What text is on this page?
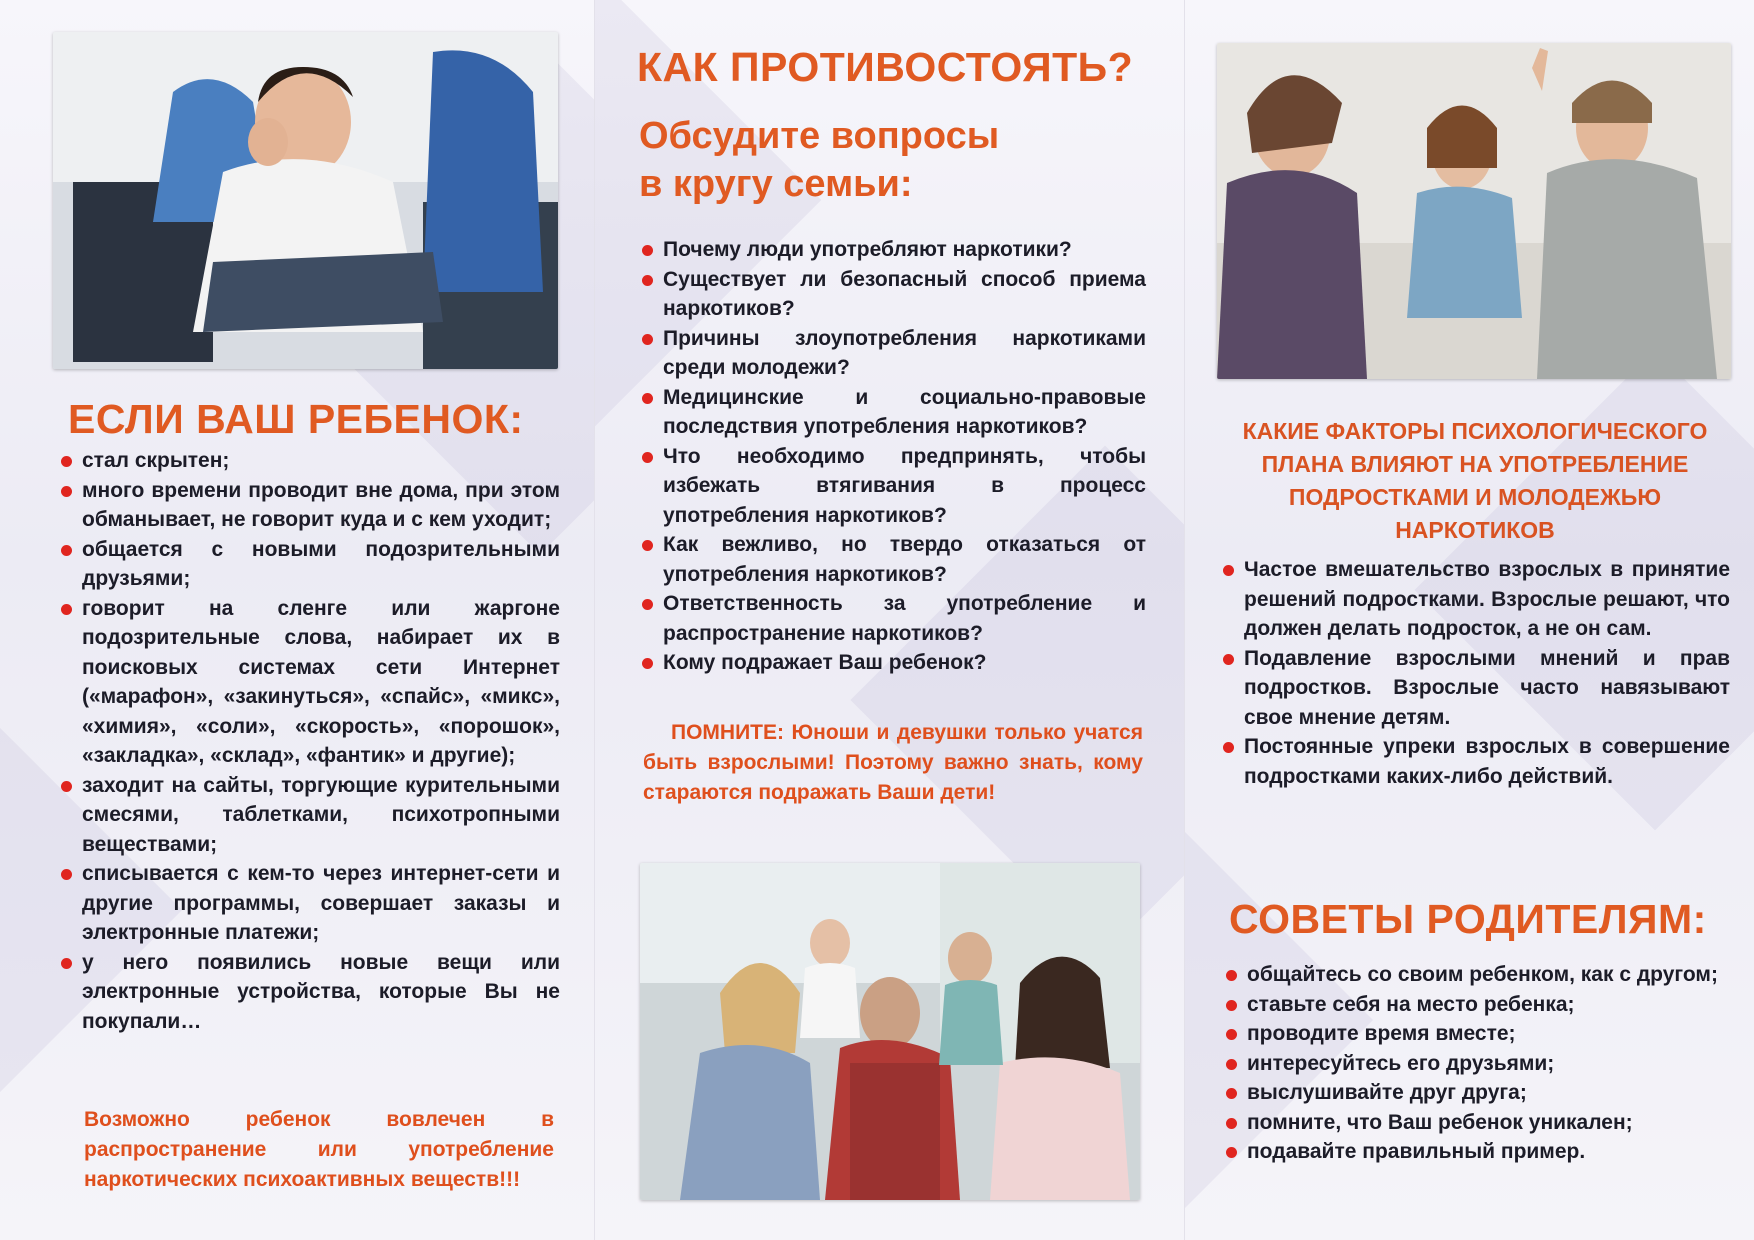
ЕСЛИ ВАШ РЕБЕНОК:
стал скрытен;
много времени проводит вне дома, при этом обманывает, не говорит куда и с кем уходит;
общается с новыми подозрительными друзьями;
говорит на сленге или жаргоне подозрительные слова, набирает их в поисковых системах сети Интернет («марафон», «закинуться», «спайс», «микс», «химия», «соли», «скорость», «порошок», «закладка», «склад», «фантик» и другие);
заходит на сайты, торгующие курительными смесями, таблетками, психотропными веществами;
списывается с кем-то через интернет-сети и другие программы, совершает заказы и электронные платежи;
у него появились новые вещи или электронные устройства, которые Вы не покупали…

Возможно ребенок вовлечен в распространение или употребление наркотических психоактивных веществ!!!

КАК ПРОТИВОСТОЯТЬ?
Обсудите вопросы
в кругу семьи:
Почему люди употребляют наркотики?
Существует ли безопасный способ приема наркотиков?
Причины злоупотребления наркотиками среди молодежи?
Медицинские и социально-правовые последствия употребления наркотиков?
Что необходимо предпринять, чтобы избежать втягивания в процесс употребления наркотиков?
Как вежливо, но твердо отказаться от употребления наркотиков?
Ответственность за употребление и распространение наркотиков?
Кому подражает Ваш ребенок?

ПОМНИТЕ: Юноши и девушки только учатся быть взрослыми! Поэтому важно знать, кому стараются подражать Ваши дети!

КАКИЕ ФАКТОРЫ ПСИХОЛОГИЧЕСКОГО ПЛАНА ВЛИЯЮТ НА УПОТРЕБЛЕНИЕ ПОДРОСТКАМИ И МОЛОДЕЖЬЮ НАРКОТИКОВ
Частое вмешательство взрослых в принятие решений подростками. Взрослые решают, что должен делать подросток, а не он сам.
Подавление взрослыми мнений и прав подростков. Взрослые часто навязывают свое мнение детям.
Постоянные упреки взрослых в совершение подростками каких-либо действий.
СОВЕТЫ РОДИТЕЛЯМ:
общайтесь со своим ребенком, как с другом;
ставьте себя на место ребенка;
проводите время вместе;
интересуйтесь его друзьями;
выслушивайте друг друга;
помните, что Ваш ребенок уникален;
подавайте правильный пример.
